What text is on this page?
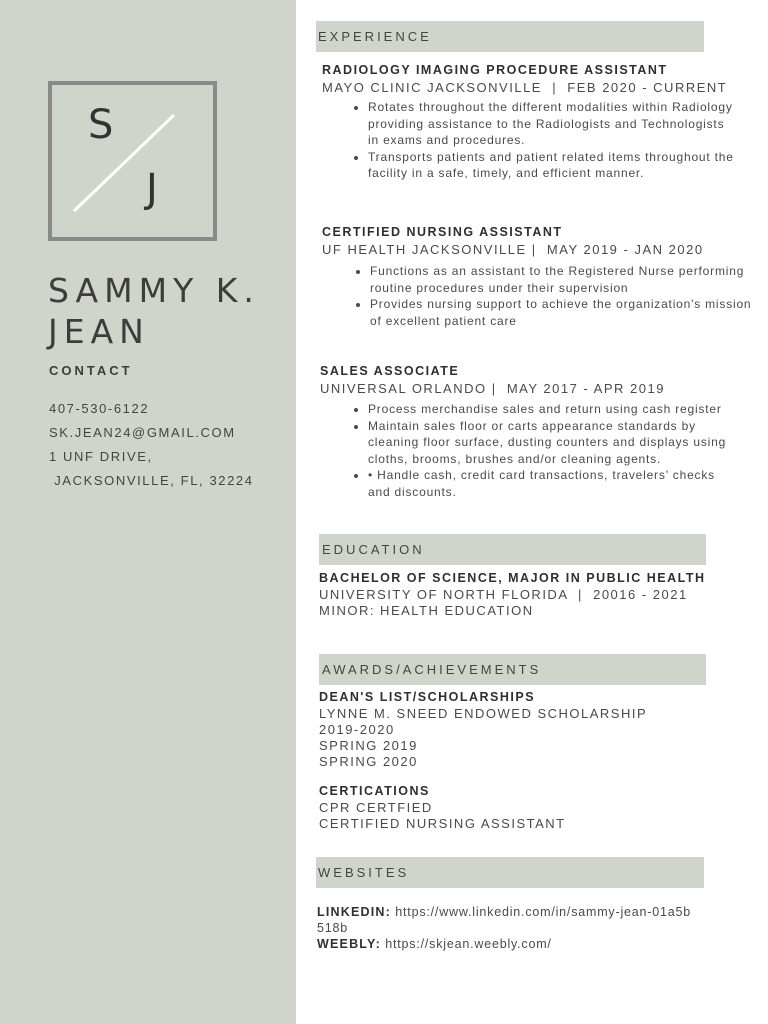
S
J
SAMMY K.
JEAN
CONTACT
407-530-6122
SK.JEAN24@GMAIL.COM
1 UNF DRIVE,
JACKSONVILLE, FL, 32224
EXPERIENCE
RADIOLOGY IMAGING PROCEDURE ASSISTANT
MAYO CLINIC JACKSONVILLE  |  FEB 2020 - CURRENT
• Rotates throughout the different modalities within Radiology providing assistance to the Radiologists and Technologists in exams and procedures.
• Transports patients and patient related items throughout the facility in a safe, timely, and efficient manner.
CERTIFIED NURSING ASSISTANT
UF HEALTH JACKSONVILLE |  MAY 2019 - JAN 2020
• Functions as an assistant to the Registered Nurse performing routine procedures under their supervision
• Provides nursing support to achieve the organization's mission of excellent patient care
SALES ASSOCIATE
UNIVERSAL ORLANDO |  MAY 2017 - APR 2019
• Process merchandise sales and return using cash register
• Maintain sales floor or carts appearance standards by cleaning floor surface, dusting counters and displays using cloths, brooms, brushes and/or cleaning agents.
• • Handle cash, credit card transactions, travelers’ checks and discounts.
EDUCATION
BACHELOR OF SCIENCE, MAJOR IN PUBLIC HEALTH
UNIVERSITY OF NORTH FLORIDA  |  20016 - 2021
MINOR: HEALTH EDUCATION
AWARDS/ACHIEVEMENTS
DEAN'S LIST/SCHOLARSHIPS
LYNNE M. SNEED ENDOWED SCHOLARSHIP
2019-2020
SPRING 2019
SPRING 2020
CERTICATIONS
CPR CERTFIED
CERTIFIED NURSING ASSISTANT
WEBSITES
LINKEDIN: https://www.linkedin.com/in/sammy-jean-01a5b518b
WEEBLY: https://skjean.weebly.com/
